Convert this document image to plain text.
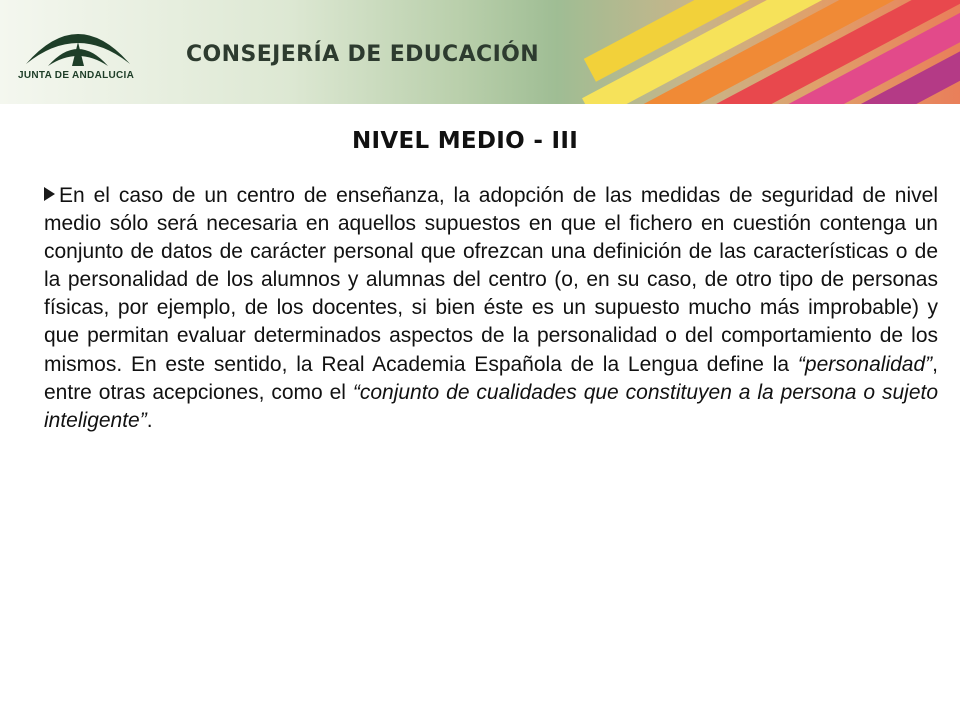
JUNTA DE ANDALUCIA
CONSEJERÍA DE EDUCACIÓN
NIVEL MEDIO - III

En el caso de un centro de enseñanza, la adopción de las medidas de seguridad de nivel medio sólo será necesaria en aquellos supuestos en que el fichero en cuestión contenga un conjunto de datos de carácter personal que ofrezcan una definición de las características o de la personalidad de los alumnos y alumnas del centro (o, en su caso, de otro tipo de personas físicas, por ejemplo, de los docentes, si bien éste es un supuesto mucho más improbable) y que permitan evaluar determinados aspectos de la personalidad o del comportamiento de los mismos. En este sentido, la Real Academia Española de la Lengua define la “personalidad”, entre otras acepciones, como el “conjunto de cualidades que constituyen a la persona o sujeto inteligente”.
